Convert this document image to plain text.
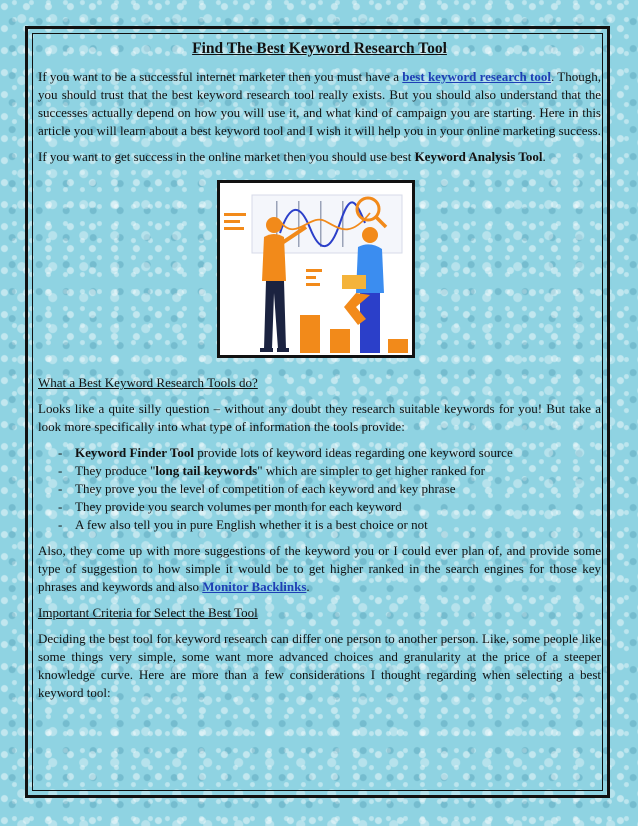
Find The Best Keyword Research Tool

If you want to be a successful internet marketer then you must have a best keyword research tool. Though, you should trust that the best keyword research tool really exists. But you should also understand that the successes actually depend on how you will use it, and what kind of campaign you are starting. Here in this article you will learn about a best keyword tool and I wish it will help you in your online marketing success.

If you want to get success in the online market then you should use best Keyword Analysis Tool.

What a Best Keyword Research Tools do?

Looks like a quite silly question – without any doubt they research suitable keywords for you! But take a look more specifically into what type of information the tools provide:

- Keyword Finder Tool provide lots of keyword ideas regarding one keyword source
- They produce "long tail keywords" which are simpler to get higher ranked for
- They prove you the level of competition of each keyword and key phrase
- They provide you search volumes per month for each keyword
- A few also tell you in pure English whether it is a best choice or not

Also, they come up with more suggestions of the keyword you or I could ever plan of, and provide some type of suggestion to how simple it would be to get higher ranked in the search engines for those key phrases and keywords and also Monitor Backlinks.

Important Criteria for Select the Best Tool

Deciding the best tool for keyword research can differ one person to another person. Like, some people like some things very simple, some want more advanced choices and granularity at the price of a steeper knowledge curve. Here are more than a few considerations I thought regarding when selecting a best keyword tool:
